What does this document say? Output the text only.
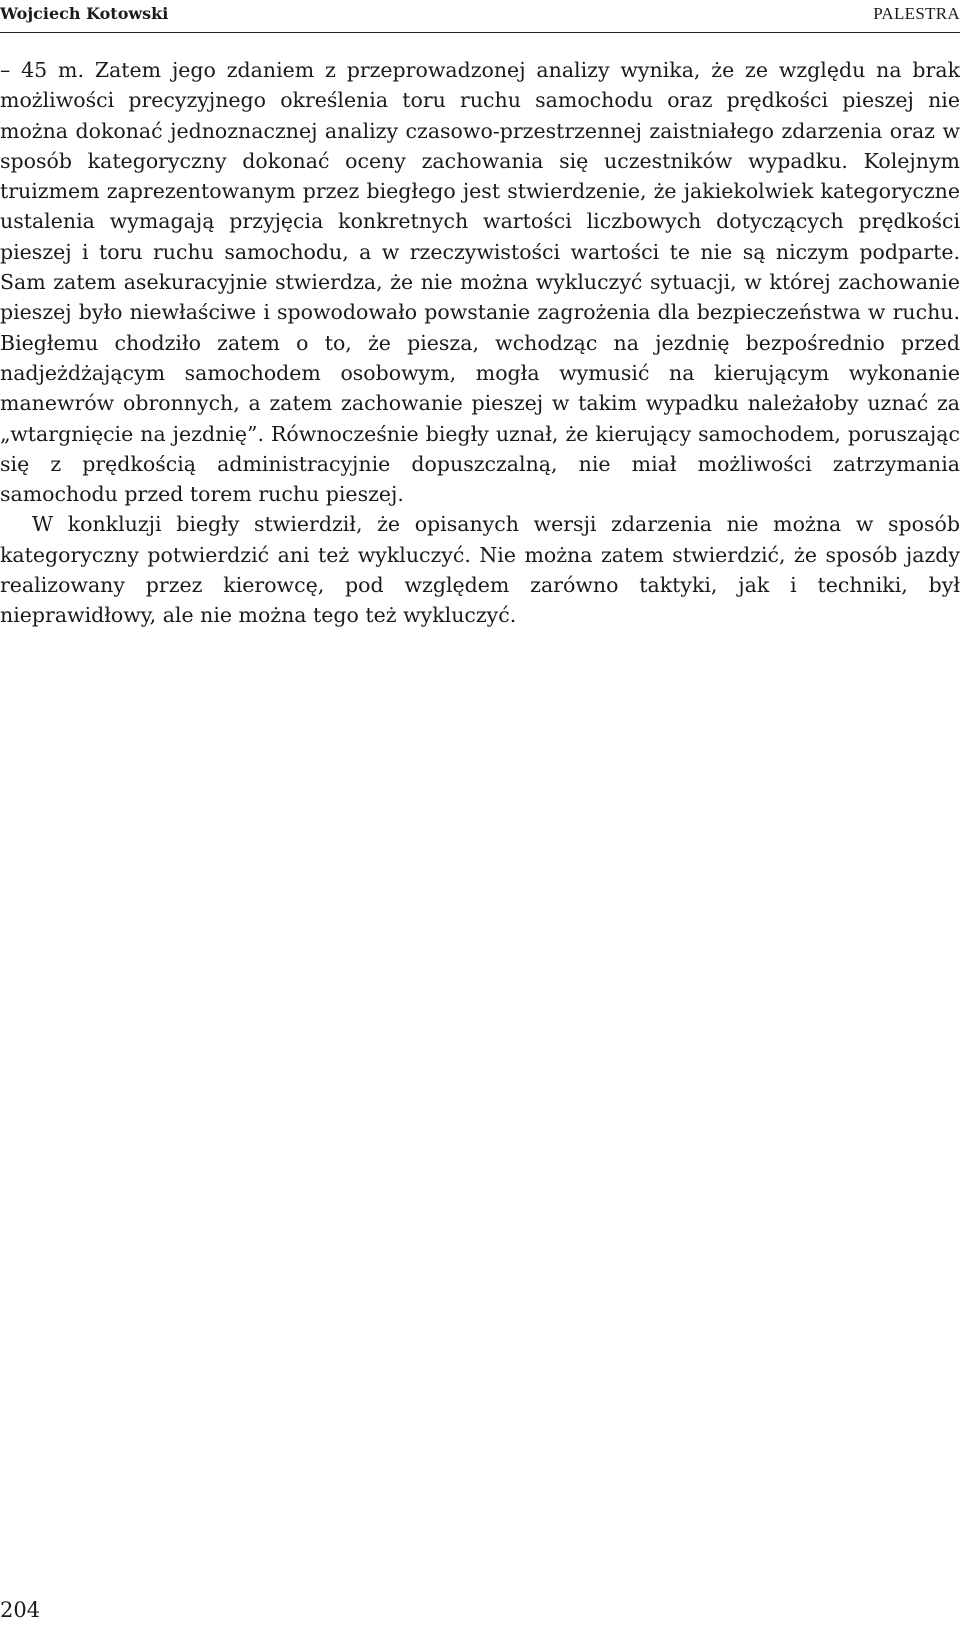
Wojciech Kotowski	PALESTRA

– 45 m. Zatem jego zdaniem z przeprowadzonej analizy wynika, że ze względu na brak możliwości precyzyjnego określenia toru ruchu samochodu oraz prędkości pieszej nie można dokonać jednoznacznej analizy czasowo-przestrzennej zaistniałego zdarzenia oraz w sposób kategoryczny dokonać oceny zachowania się uczestników wypadku. Kolejnym truizmem zaprezentowanym przez biegłego jest stwierdzenie, że jakiekolwiek kategoryczne ustalenia wymagają przyjęcia konkretnych wartości liczbowych dotyczących prędkości pieszej i toru ruchu samochodu, a w rzeczywistości wartości te nie są niczym podparte. Sam zatem asekuracyjnie stwierdza, że nie można wykluczyć sytuacji, w której zachowanie pieszej było niewłaściwe i spowodowało powstanie zagrożenia dla bezpieczeństwa w ruchu. Biegłemu chodziło zatem o to, że piesza, wchodząc na jezdnię bezpośrednio przed nadjeżdżającym samochodem osobowym, mogła wymusić na kierującym wykonanie manewrów obronnych, a zatem zachowanie pieszej w takim wypadku należałoby uznać za „wtargnięcie na jezdnię”. Równocześnie biegły uznał, że kierujący samochodem, poruszając się z prędkością administracyjnie dopuszczalną, nie miał możliwości zatrzymania samochodu przed torem ruchu pieszej.

W konkluzji biegły stwierdził, że opisanych wersji zdarzenia nie można w sposób kategoryczny potwierdzić ani też wykluczyć. Nie można zatem stwierdzić, że sposób jazdy realizowany przez kierowcę, pod względem zarówno taktyki, jak i techniki, był nieprawidłowy, ale nie można tego też wykluczyć.

204
